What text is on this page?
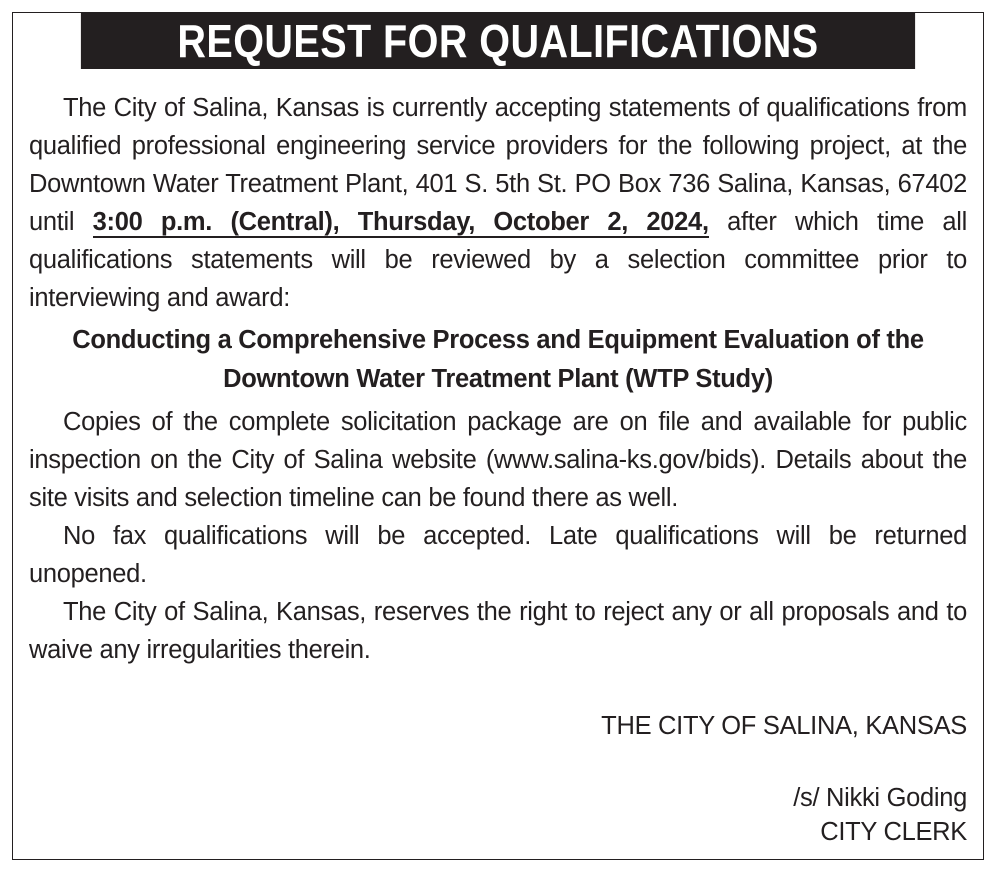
REQUEST FOR QUALIFICATIONS

The City of Salina, Kansas is currently accepting statements of qualifications from qualified professional engineering service providers for the following project, at the Downtown Water Treatment Plant, 401 S. 5th St. PO Box 736 Salina, Kansas, 67402 until 3:00 p.m. (Central), Thursday, October 2, 2024, after which time all qualifications statements will be reviewed by a selection committee prior to interviewing and award:

Conducting a Comprehensive Process and Equipment Evaluation of the
Downtown Water Treatment Plant (WTP Study)

Copies of the complete solicitation package are on file and available for public inspection on the City of Salina website (www.salina-ks.gov/bids). Details about the site visits and selection timeline can be found there as well.

No fax qualifications will be accepted. Late qualifications will be returned unopened.

The City of Salina, Kansas, reserves the right to reject any or all proposals and to waive any irregularities therein.

THE CITY OF SALINA, KANSAS
/s/ Nikki Goding
CITY CLERK
